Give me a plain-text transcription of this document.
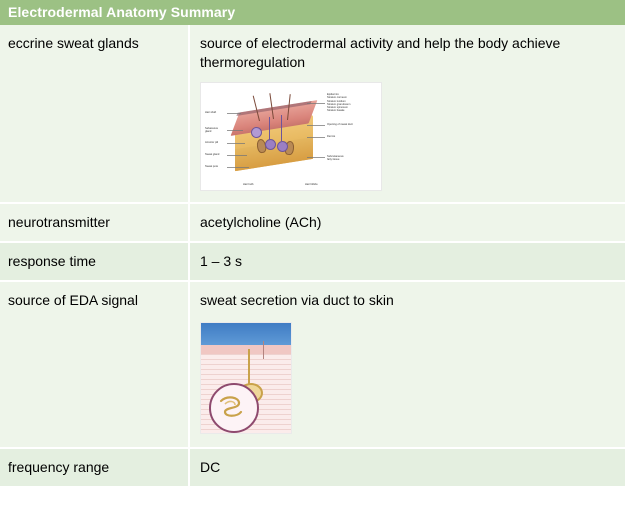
Electrodermal Anatomy Summary
eccrine sweat glands	source of electrodermal activity and help the body achieve thermoregulation
Epidermis:
Stratum corneum
Stratum lucidum
Stratum granulosum
Stratum spinosum
Stratum basale
Opening of sweat duct
Dermis
Subcutaneous
fatty tissue
Hair shaft
Sebaceous
gland
Arrector pili
Sweat gland
Sweat pore
Hair bulb	Hair follicle
neurotransmitter	acetylcholine (ACh)
response time	1 – 3 s
source of EDA signal	sweat secretion via duct to skin
frequency range	DC
